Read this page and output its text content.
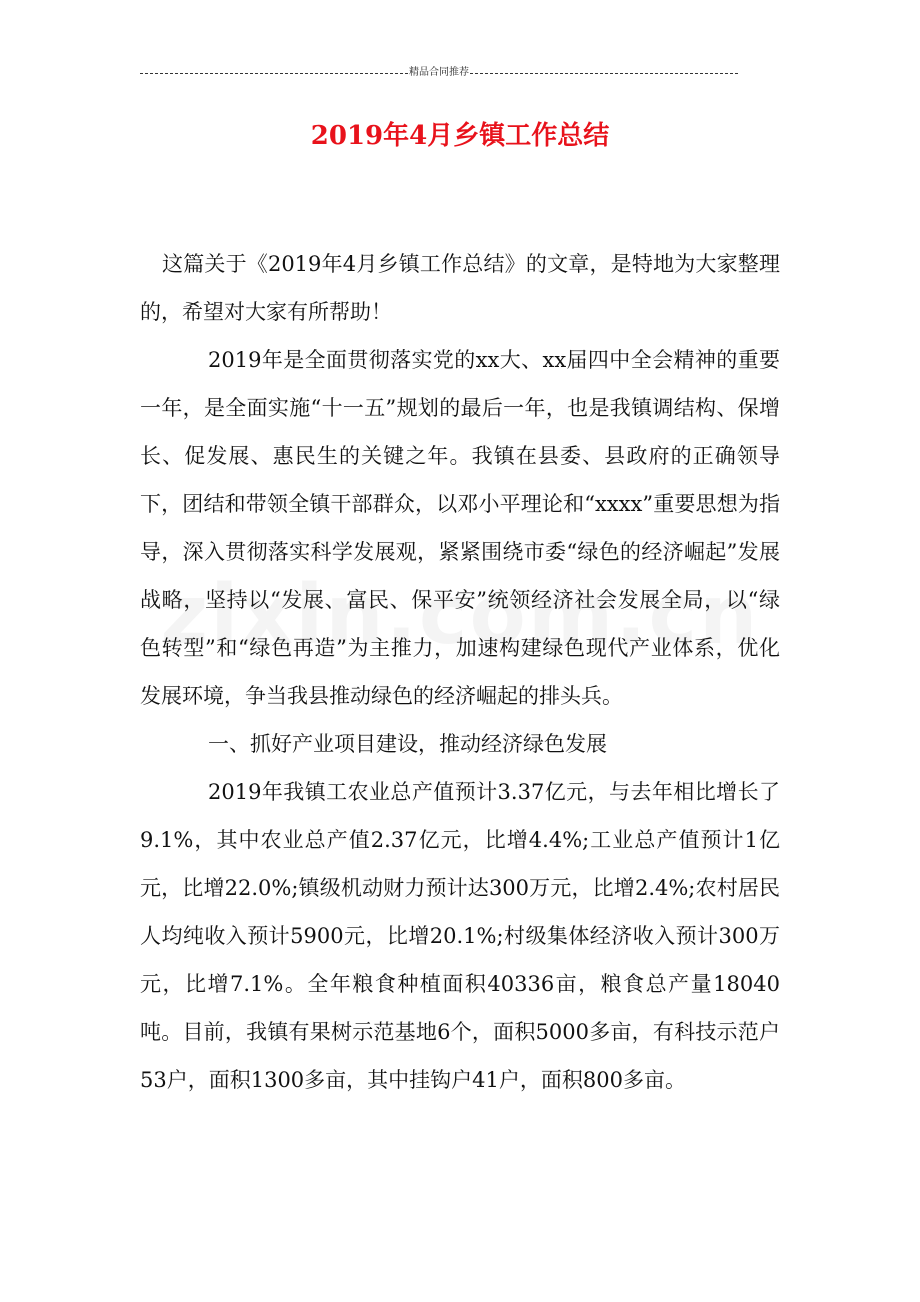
精品合同推荐
2019年4月乡镇工作总结

这篇关于《2019年4月乡镇工作总结》的文章，是特地为大家整理的，希望对大家有所帮助！

2019年是全面贯彻落实党的xx大、xx届四中全会精神的重要一年，是全面实施“十一五”规划的最后一年，也是我镇调结构、保增长、促发展、惠民生的关键之年。我镇在县委、县政府的正确领导下，团结和带领全镇干部群众，以邓小平理论和“xxxx”重要思想为指导，深入贯彻落实科学发展观，紧紧围绕市委“绿色的经济崛起”发展战略，坚持以“发展、富民、保平安”统领经济社会发展全局，以“绿色转型”和“绿色再造”为主推力，加速构建绿色现代产业体系，优化发展环境，争当我县推动绿色的经济崛起的排头兵。

一、抓好产业项目建设，推动经济绿色发展

2019年我镇工农业总产值预计3.37亿元，与去年相比增长了9.1%，其中农业总产值2.37亿元，比增4.4%;工业总产值预计1亿元，比增22.0%;镇级机动财力预计达300万元，比增2.4%;农村居民人均纯收入预计5900元，比增20.1%;村级集体经济收入预计300万元，比增7.1%。全年粮食种植面积40336亩，粮食总产量18040吨。目前，我镇有果树示范基地6个，面积5000多亩，有科技示范户53户，面积1300多亩，其中挂钩户41户，面积800多亩。
